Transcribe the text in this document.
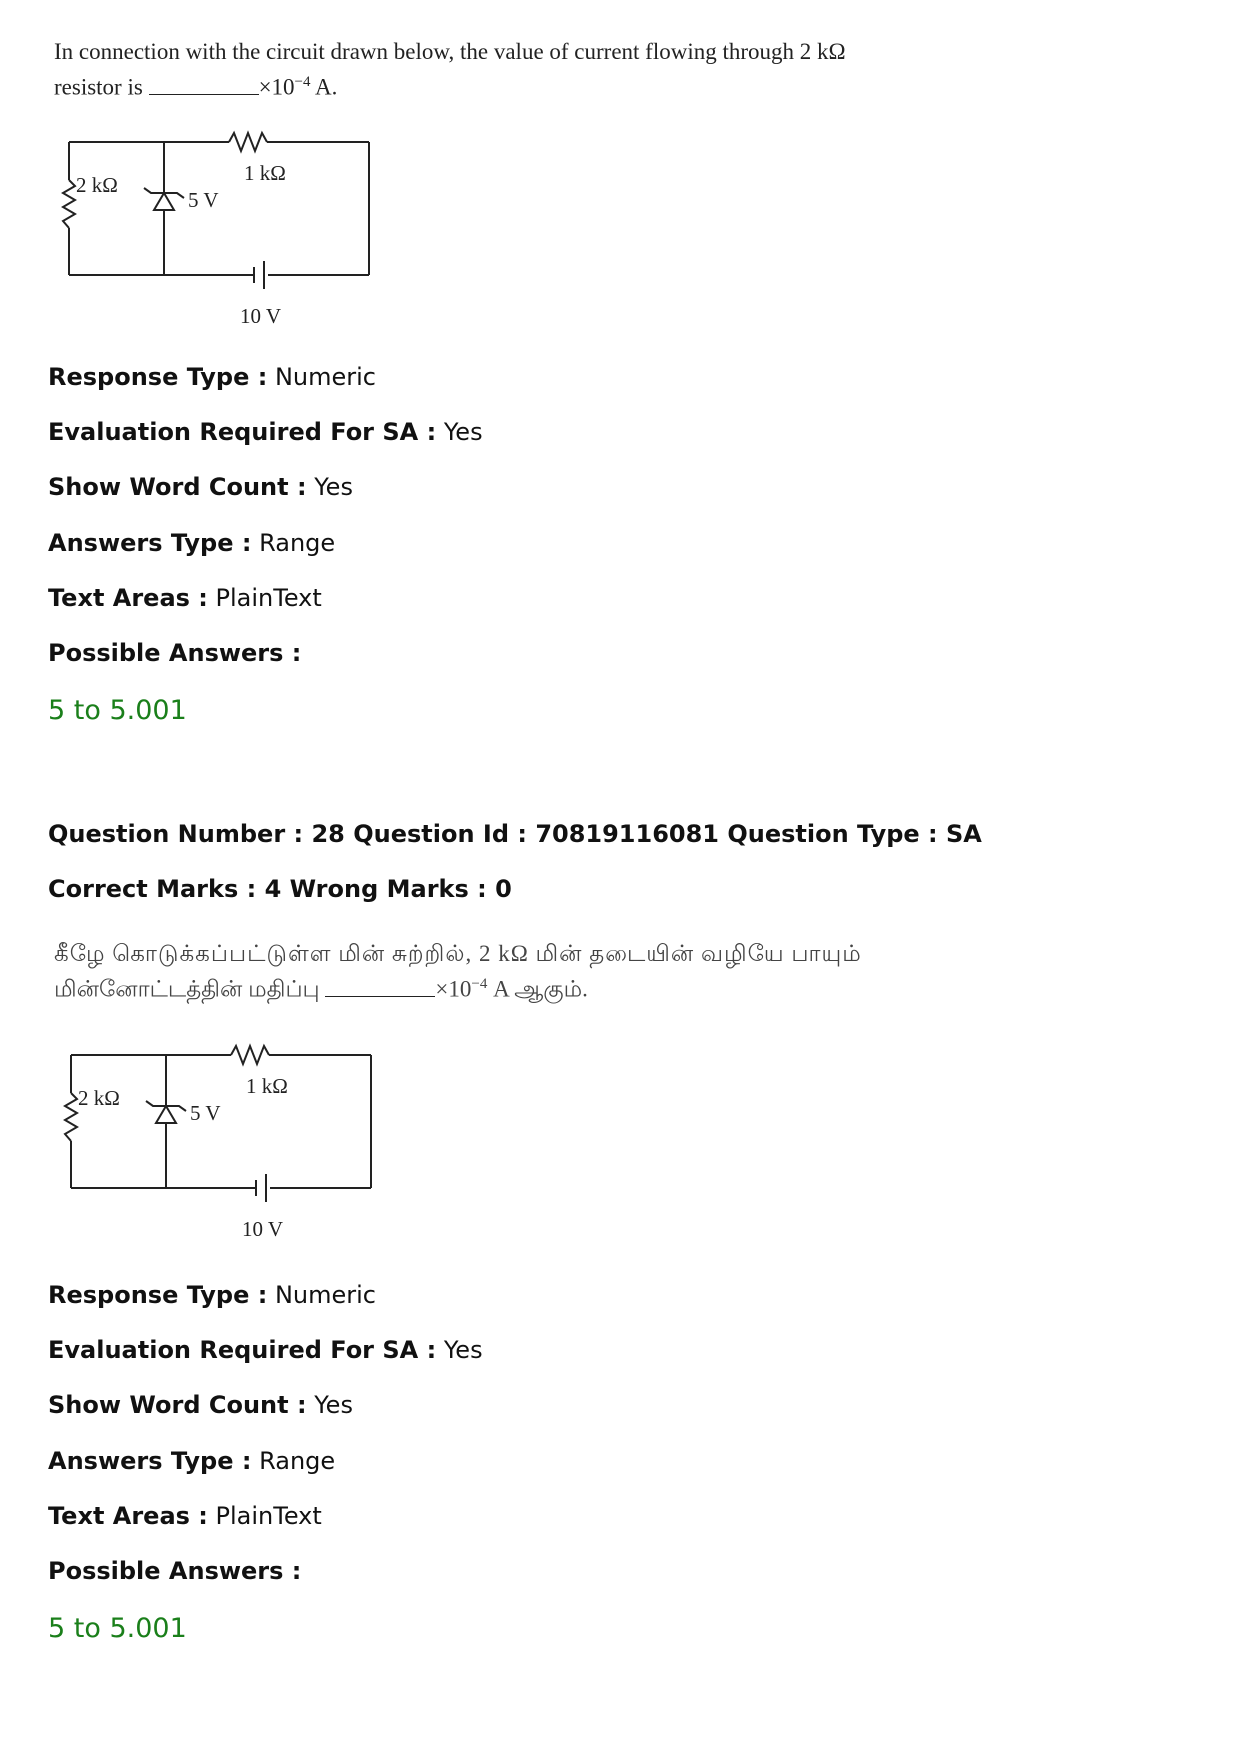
In connection with the circuit drawn below, the value of current flowing through 2 kΩ
resistor is	$\times 10^{-4}$ A.
1 kΩ
2 kΩ
5 V
10 V
Response Type : Numeric
Evaluation Required For SA : Yes
Show Word Count : Yes
Answers Type : Range
Text Areas : PlainText
Possible Answers :
5 to 5.001
Question Number : 28 Question Id : 70819116081 Question Type : SA
Correct Marks : 4 Wrong Marks : 0
கீழே கொடுக்கப்பட்டுள்ள மின் சுற்றில், 2 kΩ மின் தடையின் வழியே பாயும்
மின்னோட்டத்தின் மதிப்பு	$\times 10^{-4}$ A ஆகும்.
1 kΩ
2 kΩ
5 V
10 V
Response Type : Numeric
Evaluation Required For SA : Yes
Show Word Count : Yes
Answers Type : Range
Text Areas : PlainText
Possible Answers :
5 to 5.001
